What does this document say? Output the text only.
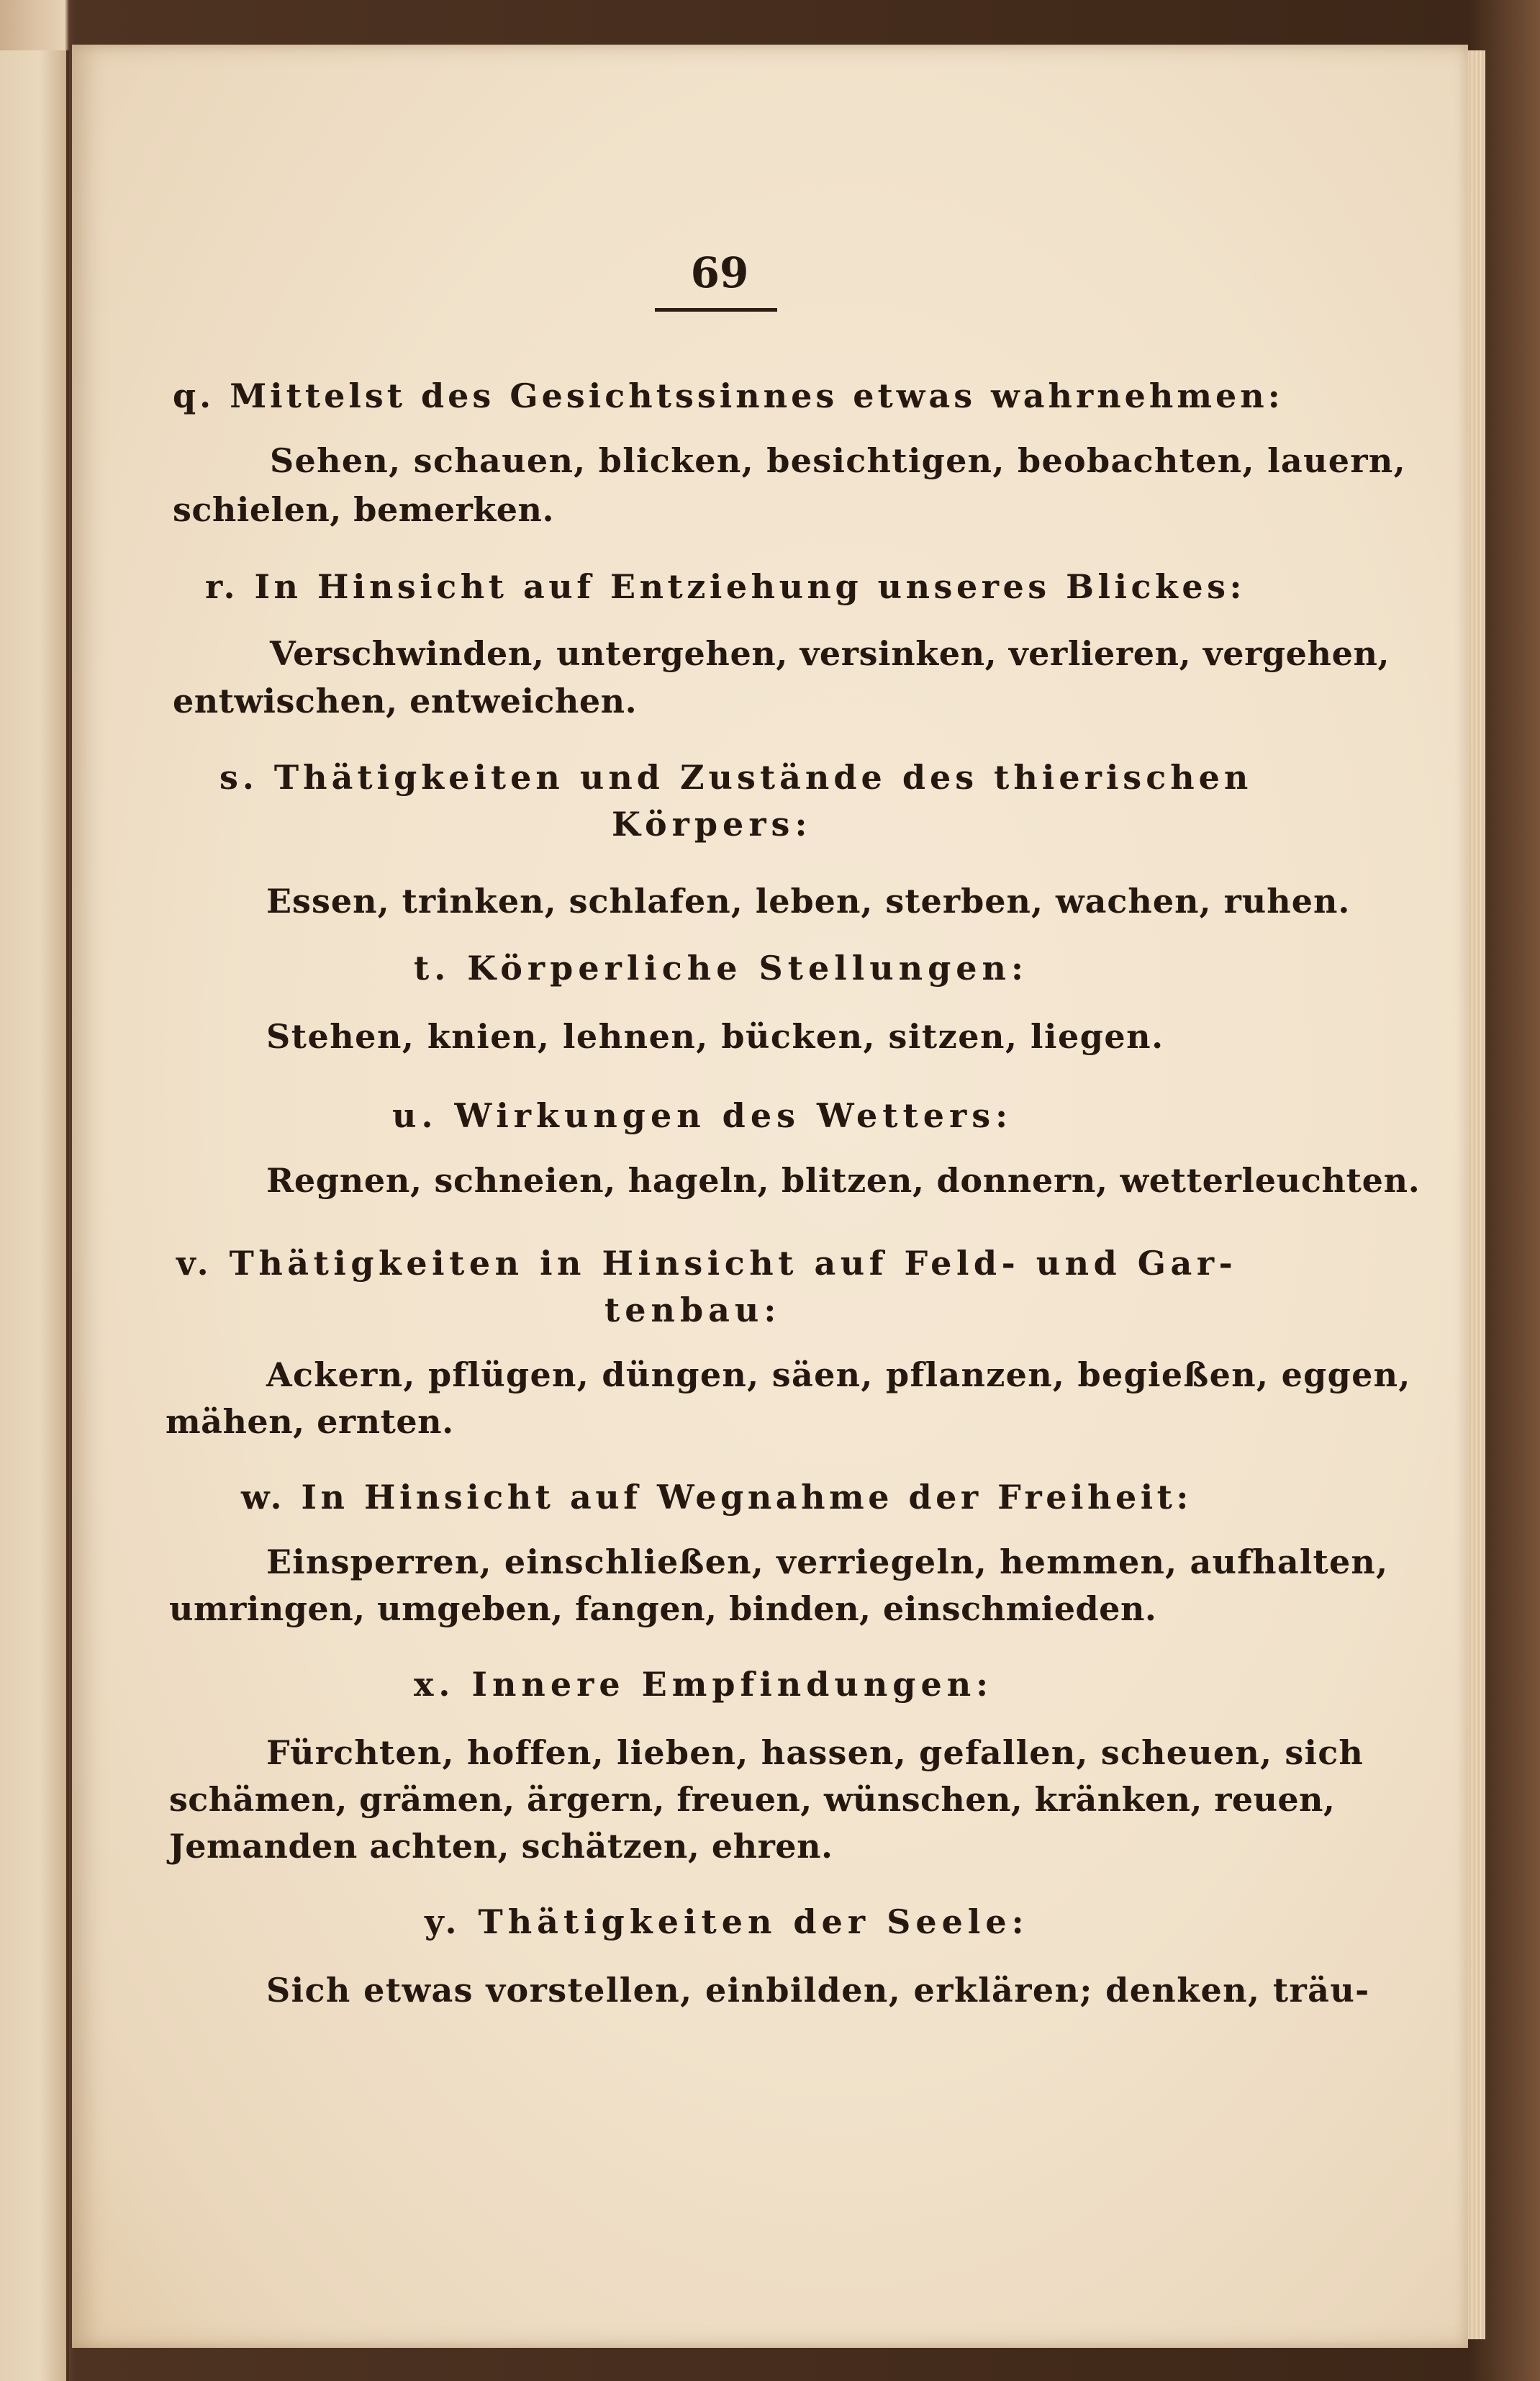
69
q. Mittelst des Gesichtssinnes etwas wahrnehmen:
Sehen, schauen, blicken, besichtigen, beobachten, lauern,
schielen, bemerken.
r. In Hinsicht auf Entziehung unseres Blickes:
Verschwinden, untergehen, versinken, verlieren, vergehen,
entwischen, entweichen.
s. Thätigkeiten und Zustände des thierischen
Körpers:
Essen, trinken, schlafen, leben, sterben, wachen, ruhen.
t. Körperliche Stellungen:
Stehen, knien, lehnen, bücken, sitzen, liegen.
u. Wirkungen des Wetters:
Regnen, schneien, hageln, blitzen, donnern, wetterleuchten.
v. Thätigkeiten in Hinsicht auf Feld- und Gar-
tenbau:
Ackern, pflügen, düngen, säen, pflanzen, begießen, eggen,
mähen, ernten.
w. In Hinsicht auf Wegnahme der Freiheit:
Einsperren, einschließen, verriegeln, hemmen, aufhalten,
umringen, umgeben, fangen, binden, einschmieden.
x. Innere Empfindungen:
Fürchten, hoffen, lieben, hassen, gefallen, scheuen, sich
schämen, grämen, ärgern, freuen, wünschen, kränken, reuen,
Jemanden achten, schätzen, ehren.
y. Thätigkeiten der Seele:
Sich etwas vorstellen, einbilden, erklären; denken, träu-
